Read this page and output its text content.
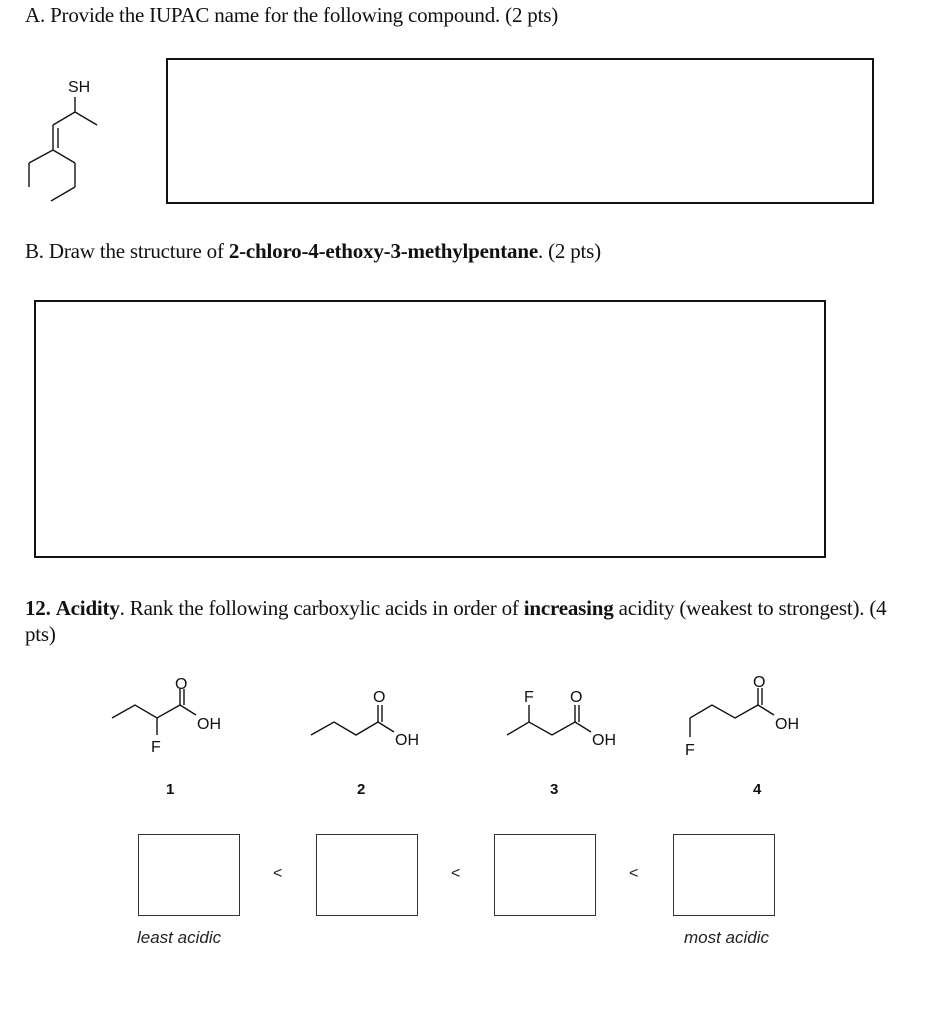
A. Provide the IUPAC name for the following compound. (2 pts)
SH
B. Draw the structure of 2-chloro-4-ethoxy-3-methylpentane. (2 pts)
12. Acidity. Rank the following carboxylic acids in order of increasing acidity (weakest to strongest). (4 pts)
O
OH
F
1
O
OH
2
F O
OH
3
F
O
OH
4
<	<	<
least acidic	most acidic
